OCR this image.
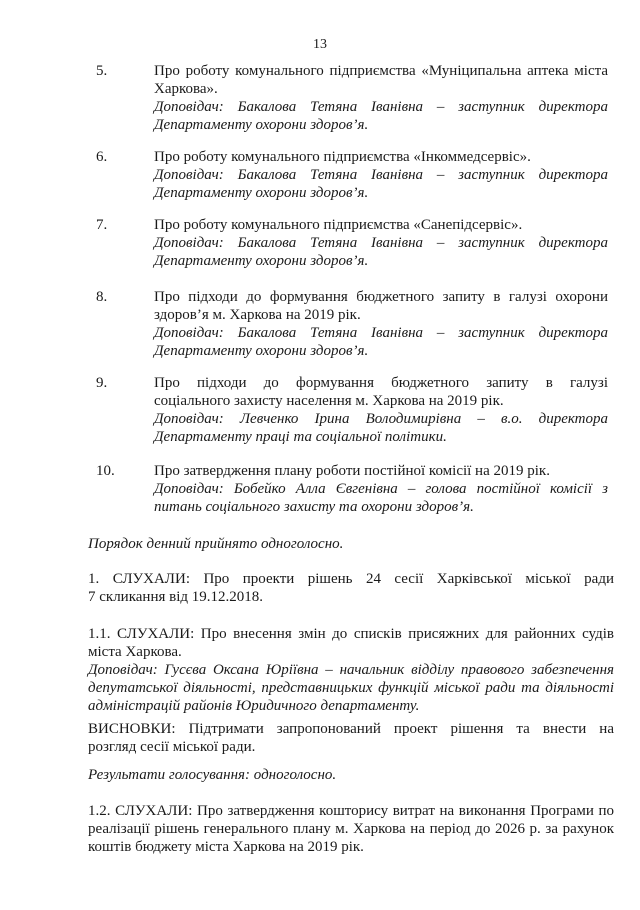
13
5.	Про роботу комунального підприємства «Муніципальна аптека міста

Харкова».

Доповідач: Бакалова Тетяна Іванівна – заступник директора

Департаменту охорони здоров’я.

6.	Про роботу комунального підприємства «Інкоммедсервіс».

Доповідач: Бакалова Тетяна Іванівна – заступник директора

Департаменту охорони здоров’я.

7.	Про роботу комунального підприємства «Санепідсервіс».

Доповідач: Бакалова Тетяна Іванівна – заступник директора

Департаменту охорони здоров’я.

8.	Про підходи до формування бюджетного запиту в галузі охорони

здоров’я м. Харкова на 2019 рік.

Доповідач: Бакалова Тетяна Іванівна – заступник директора

Департаменту охорони здоров’я.

9.	Про підходи до формування бюджетного запиту в галузі

соціального захисту населення м. Харкова на 2019 рік.

Доповідач: Левченко Ірина Володимирівна – в.о. директора

Департаменту праці та соціальної політики.

10.	Про затвердження плану роботи постійної комісії на 2019 рік.

Доповідач: Бобейко Алла Євгенівна – голова постійної комісії з

питань соціального захисту та охорони здоров’я.

Порядок денний прийнято одноголосно.

1. СЛУХАЛИ: Про проекти рішень 24 сесії Харківської міської ради

7 скликання від 19.12.2018.

1.1. СЛУХАЛИ: Про внесення змін до списків присяжних для районних судів

міста Харкова.

Доповідач: Гусєва Оксана Юріївна – начальник відділу правового забезпечення

депутатської діяльності, представницьких функцій міської ради та діяльності

адміністрацій районів Юридичного департаменту.

ВИСНОВКИ: Підтримати запропонований проект рішення та внести на

розгляд сесії міської ради.

Результати голосування: одноголосно.

1.2. СЛУХАЛИ: Про затвердження кошторису витрат на виконання Програми по

реалізації рішень генерального плану м. Харкова на період до 2026 р. за рахунок

коштів бюджету міста Харкова на 2019 рік.
